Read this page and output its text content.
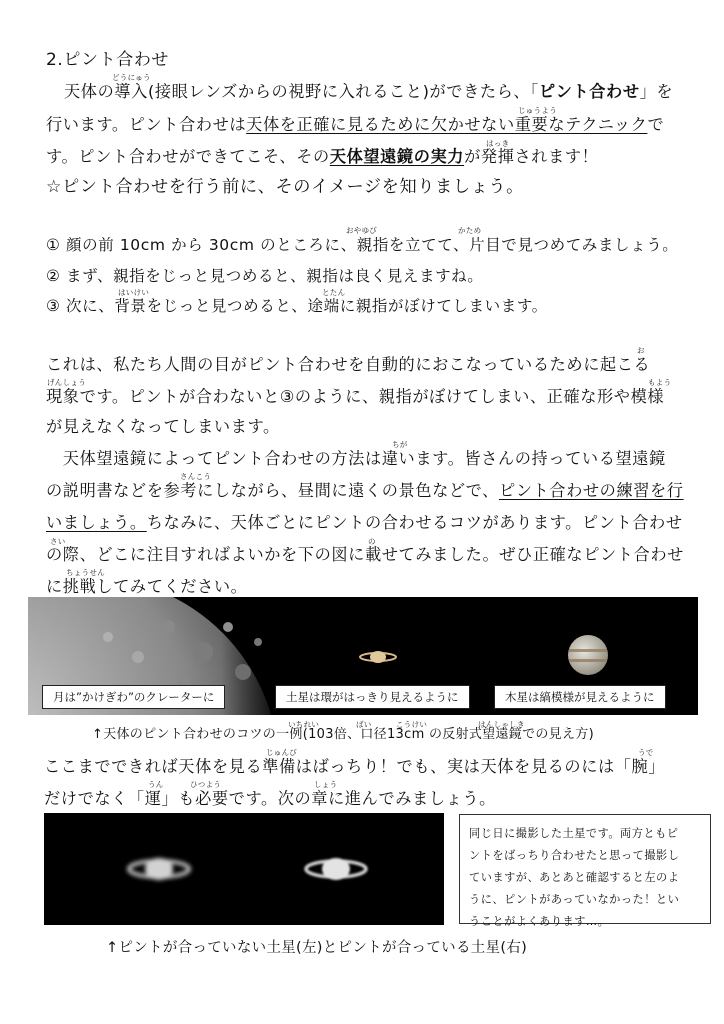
2.ピント合わせ
どうにゅう
天体の導入(接眼レンズからの視野に入れること)ができたら、「ピント合わせ」を
じゅうよう
行います。ピント合わせは天体を正確に見るために欠かせない重要なテクニックで
はっき
す。ピント合わせができてこそ、その天体望遠鏡の実力が発揮されます！
☆ピント合わせを行う前に、そのイメージを知りましょう。
おやゆび	かため
① 顔の前 10cm から 30cm のところに、親指を立てて、片目で見つめてみましょう。
② まず、親指をじっと見つめると、親指は良く見えますね。
はいけい	とたん
③ 次に、背景をじっと見つめると、途端に親指がぼけてしまいます。
お
これは、私たち人間の目がピント合わせを自動的におこなっているために起こる
げんしょう	もよう
現象です。ピントが合わないと③のように、親指がぼけてしまい、正確な形や模様
が見えなくなってしまいます。
ちが
　天体望遠鏡によってピント合わせの方法は違います。皆さんの持っている望遠鏡
さんこう
の説明書などを参考にしながら、昼間に遠くの景色などで、ピント合わせの練習を行
いましょう。ちなみに、天体ごとにピントの合わせるコツがあります。ピント合わせ
さい	の
の際、どこに注目すればよいかを下の図に載せてみました。ぜひ正確なピント合わせ
ちょうせん
に挑戦してみてください。
月は”かけぎわ”のクレーターに	土星は環がはっきり見えるように	木星は縞模様が見えるように
いちれい	ばい	こうけい	はんしゃしき
↑天体のピント合わせのコツの一例(103倍、口径13cm の反射式望遠鏡での見え方)
じゅんび	うで
ここまでできれば天体を見る準備はばっちり！でも、実は天体を見るのには「腕」
うん	ひつよう	しょう
だけでなく「運」も必要です。次の章に進んでみましょう。
同じ日に撮影した土星です。両方ともピ
ントをばっちり合わせたと思って撮影し
ていますが、あとあと確認すると左のよ
うに、ピントがあっていなかった！とい
うことがよくあります…。
↑ピントが合っていない土星(左)とピントが合っている土星(右)
